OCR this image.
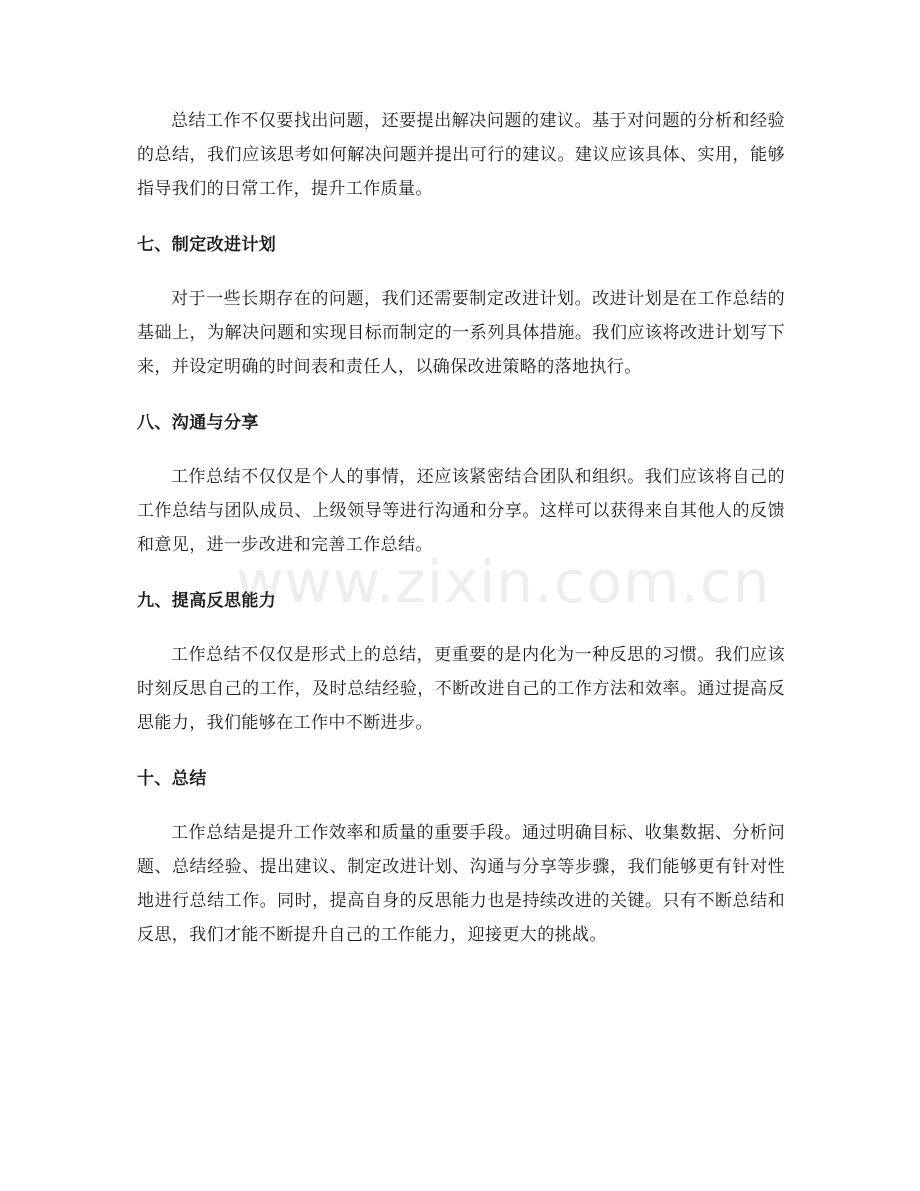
总结工作不仅要找出问题，还要提出解决问题的建议。基于对问题的分析和经验的总结，我们应该思考如何解决问题并提出可行的建议。建议应该具体、实用，能够指导我们的日常工作，提升工作质量。

七、制定改进计划

对于一些长期存在的问题，我们还需要制定改进计划。改进计划是在工作总结的基础上，为解决问题和实现目标而制定的一系列具体措施。我们应该将改进计划写下来，并设定明确的时间表和责任人，以确保改进策略的落地执行。

八、沟通与分享

工作总结不仅仅是个人的事情，还应该紧密结合团队和组织。我们应该将自己的工作总结与团队成员、上级领导等进行沟通和分享。这样可以获得来自其他人的反馈和意见，进一步改进和完善工作总结。

九、提高反思能力

工作总结不仅仅是形式上的总结，更重要的是内化为一种反思的习惯。我们应该时刻反思自己的工作，及时总结经验，不断改进自己的工作方法和效率。通过提高反思能力，我们能够在工作中不断进步。

十、总结

工作总结是提升工作效率和质量的重要手段。通过明确目标、收集数据、分析问题、总结经验、提出建议、制定改进计划、沟通与分享等步骤，我们能够更有针对性地进行总结工作。同时，提高自身的反思能力也是持续改进的关键。只有不断总结和反思，我们才能不断提升自己的工作能力，迎接更大的挑战。

www.zixin.com.cn
